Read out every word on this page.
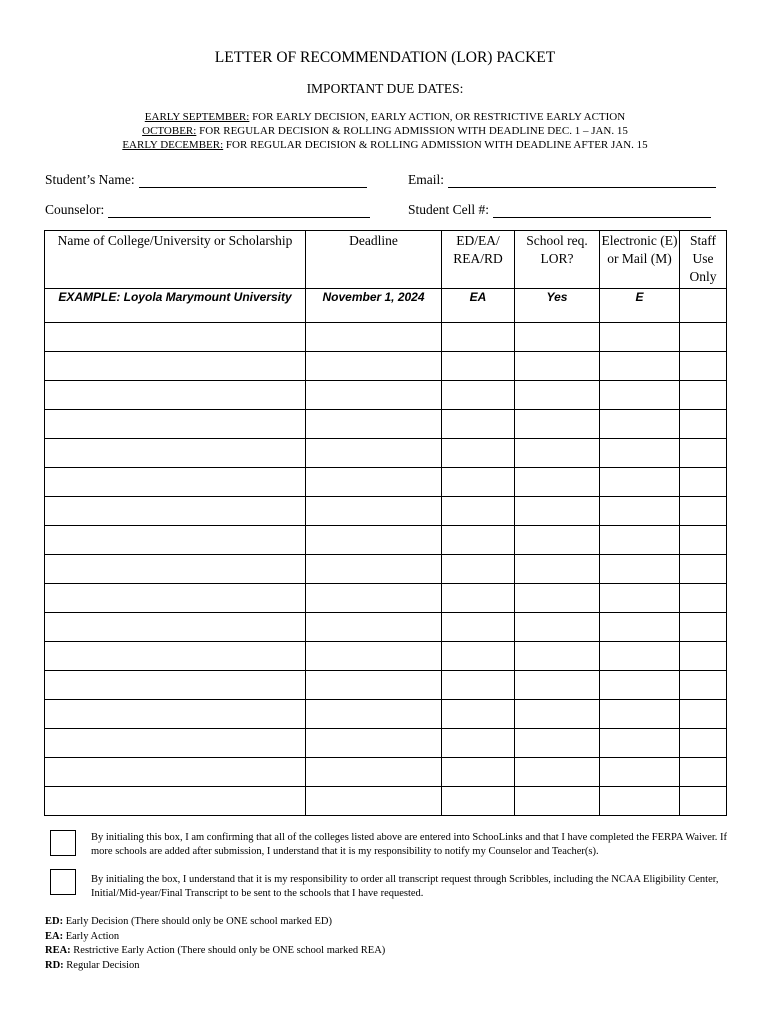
LETTER OF RECOMMENDATION (LOR) PACKET
IMPORTANT DUE DATES:
EARLY SEPTEMBER: FOR EARLY DECISION, EARLY ACTION, OR RESTRICTIVE EARLY ACTION
OCTOBER: FOR REGULAR DECISION & ROLLING ADMISSION WITH DEADLINE DEC. 1 – JAN. 15
EARLY DECEMBER: FOR REGULAR DECISION & ROLLING ADMISSION WITH DEADLINE AFTER JAN. 15
Student’s Name:	Email:
Counselor:	Student Cell #:
Name of College/University or Scholarship	Deadline	ED/EA/ REA/RD	School req. LOR?	Electronic (E) or Mail (M)	Staff Use Only
EXAMPLE: Loyola Marymount University	November 1, 2024	EA	Yes	E	

By initialing this box, I am confirming that all of the colleges listed above are entered into SchooLinks and that I have completed the FERPA Waiver. If more schools are added after submission, I understand that it is my responsibility to notify my Counselor and Teacher(s).
By initialing the box, I understand that it is my responsibility to order all transcript request through Scribbles, including the NCAA Eligibility Center, Initial/Mid-year/Final Transcript to be sent to the schools that I have requested.
ED: Early Decision (There should only be ONE school marked ED)
EA: Early Action
REA: Restrictive Early Action (There should only be ONE school marked REA)
RD: Regular Decision
